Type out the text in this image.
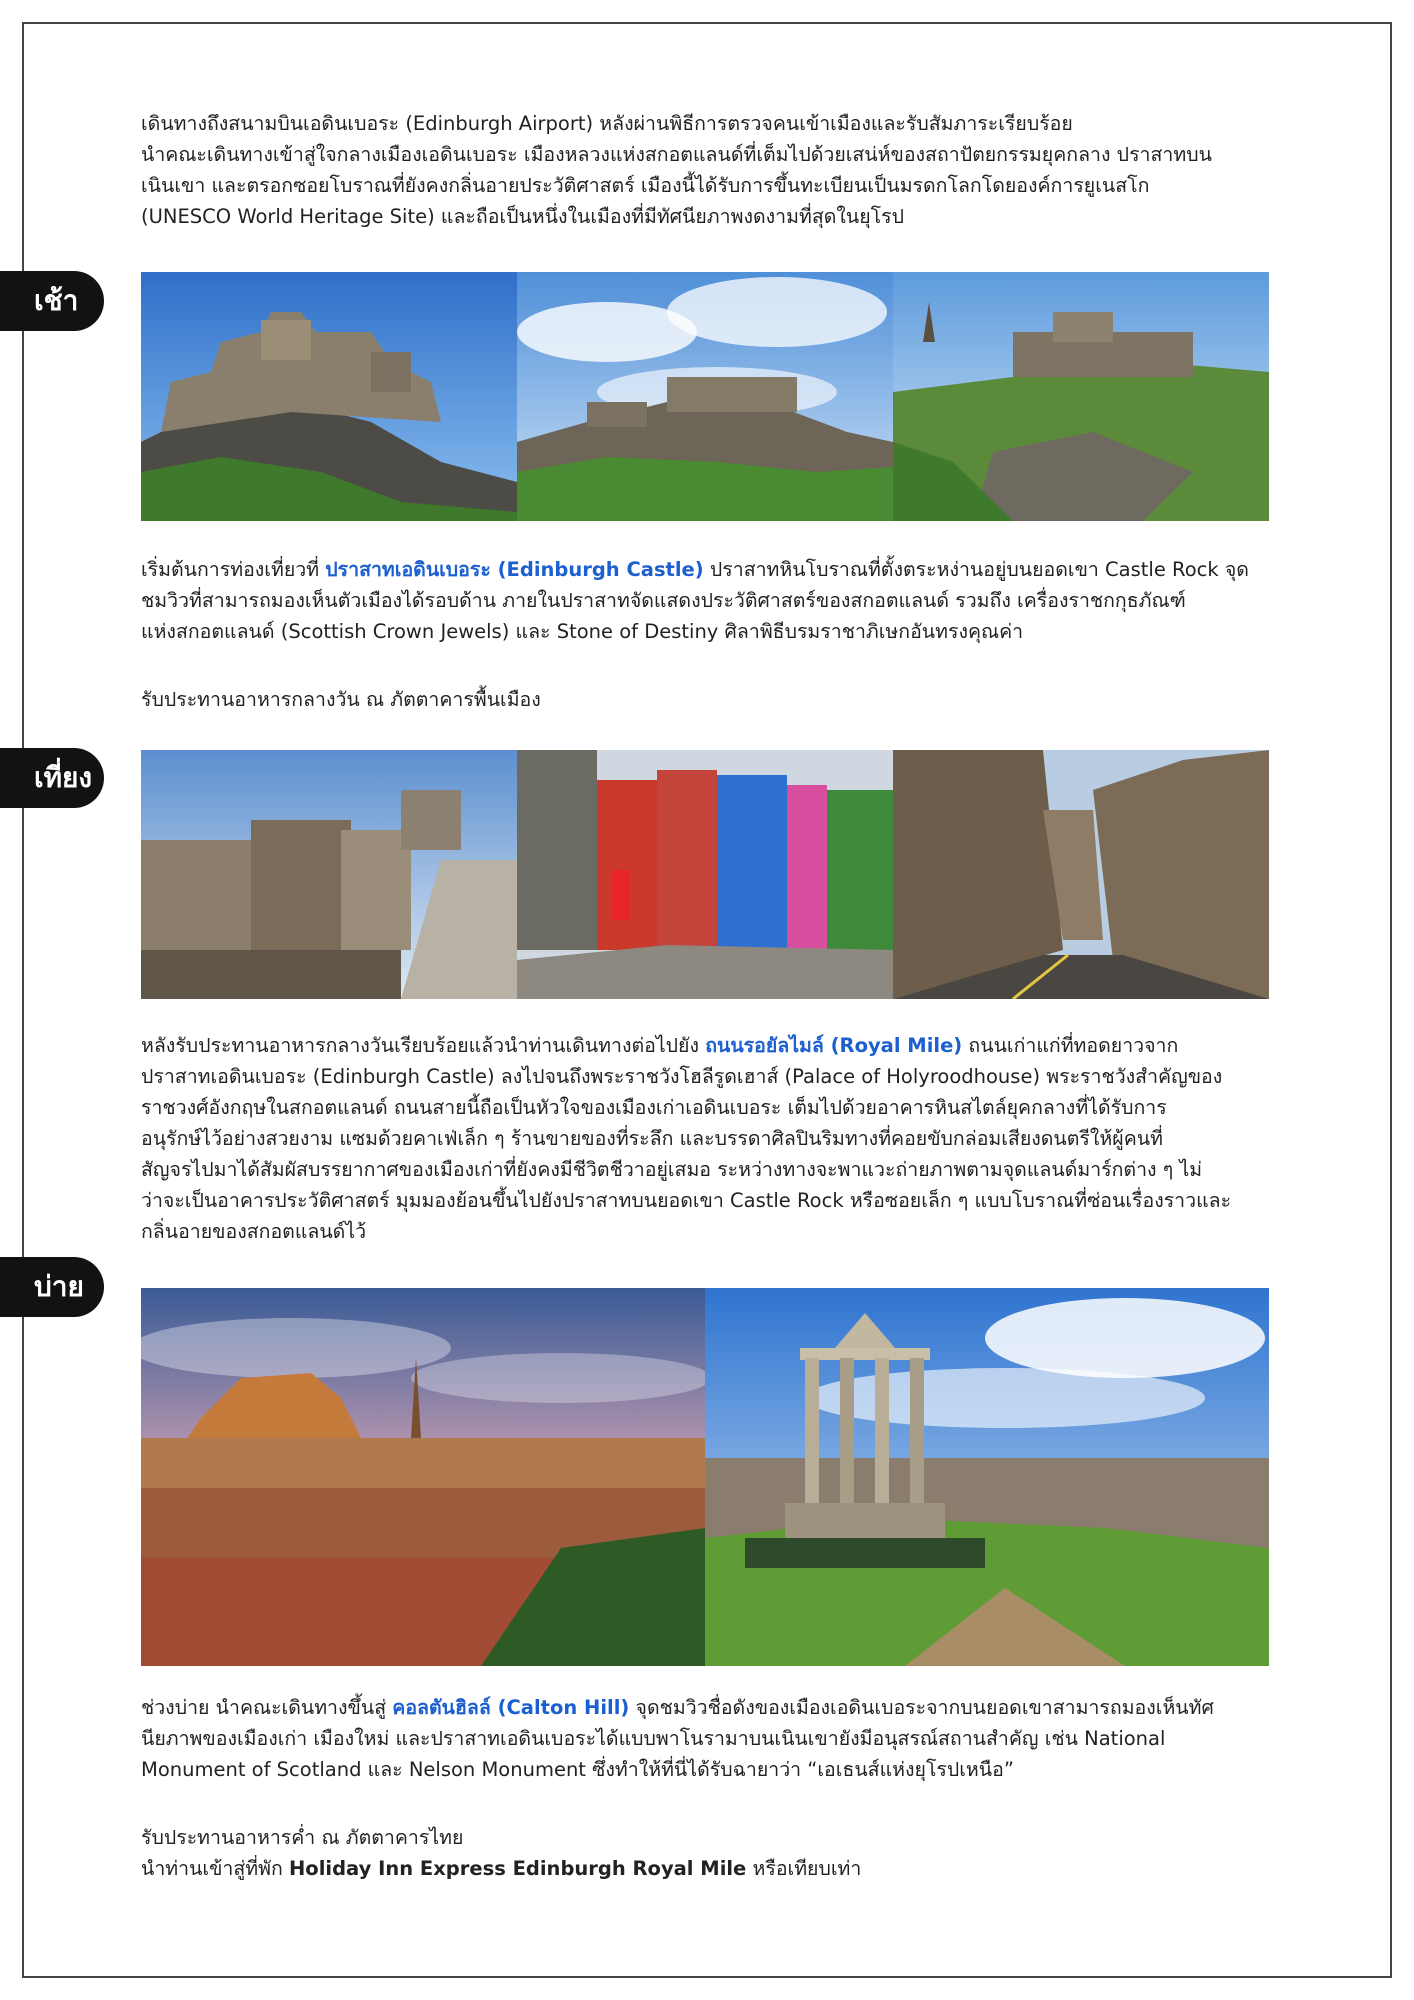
เดินทางถึงสนามบินเอดินเบอระ (Edinburgh Airport) หลังผ่านพิธีการตรวจคนเข้าเมืองและรับสัมภาระเรียบร้อย
นำคณะเดินทางเข้าสู่ใจกลางเมืองเอดินเบอระ เมืองหลวงแห่งสกอตแลนด์ที่เต็มไปด้วยเสน่ห์ของสถาปัตยกรรมยุคกลาง ปราสาทบน
เนินเขา และตรอกซอยโบราณที่ยังคงกลิ่นอายประวัติศาสตร์ เมืองนี้ได้รับการขึ้นทะเบียนเป็นมรดกโลกโดยองค์การยูเนสโก
(UNESCO World Heritage Site) และถือเป็นหนึ่งในเมืองที่มีทัศนียภาพงดงามที่สุดในยุโรป
เช้า
เริ่มต้นการท่องเที่ยวที่ ปราสาทเอดินเบอระ (Edinburgh Castle) ปราสาทหินโบราณที่ตั้งตระหง่านอยู่บนยอดเขา Castle Rock จุด
ชมวิวที่สามารถมองเห็นตัวเมืองได้รอบด้าน ภายในปราสาทจัดแสดงประวัติศาสตร์ของสกอตแลนด์ รวมถึง เครื่องราชกกุธภัณฑ์
แห่งสกอตแลนด์ (Scottish Crown Jewels) และ Stone of Destiny ศิลาพิธีบรมราชาภิเษกอันทรงคุณค่า
รับประทานอาหารกลางวัน ณ ภัตตาคารพื้นเมือง
เที่ยง
หลังรับประทานอาหารกลางวันเรียบร้อยแล้วนำท่านเดินทางต่อไปยัง ถนนรอยัลไมล์ (Royal Mile) ถนนเก่าแก่ที่ทอดยาวจาก
ปราสาทเอดินเบอระ (Edinburgh Castle) ลงไปจนถึงพระราชวังโฮลีรูดเฮาส์ (Palace of Holyroodhouse) พระราชวังสำคัญของ
ราชวงศ์อังกฤษในสกอตแลนด์ ถนนสายนี้ถือเป็นหัวใจของเมืองเก่าเอดินเบอระ เต็มไปด้วยอาคารหินสไตล์ยุคกลางที่ได้รับการ
อนุรักษ์ไว้อย่างสวยงาม แซมด้วยคาเฟ่เล็ก ๆ ร้านขายของที่ระลึก และบรรดาศิลปินริมทางที่คอยขับกล่อมเสียงดนตรีให้ผู้คนที่
สัญจรไปมาได้สัมผัสบรรยากาศของเมืองเก่าที่ยังคงมีชีวิตชีวาอยู่เสมอ ระหว่างทางจะพาแวะถ่ายภาพตามจุดแลนด์มาร์กต่าง ๆ ไม่
ว่าจะเป็นอาคารประวัติศาสตร์ มุมมองย้อนขึ้นไปยังปราสาทบนยอดเขา Castle Rock หรือซอยเล็ก ๆ แบบโบราณที่ซ่อนเรื่องราวและ
กลิ่นอายของสกอตแลนด์ไว้
บ่าย
ช่วงบ่าย นำคณะเดินทางขึ้นสู่ คอลตันฮิลล์ (Calton Hill) จุดชมวิวชื่อดังของเมืองเอดินเบอระจากบนยอดเขาสามารถมองเห็นทัศ
นียภาพของเมืองเก่า เมืองใหม่ และปราสาทเอดินเบอระได้แบบพาโนรามาบนเนินเขายังมีอนุสรณ์สถานสำคัญ เช่น National
Monument of Scotland และ Nelson Monument ซึ่งทำให้ที่นี่ได้รับฉายาว่า “เอเธนส์แห่งยุโรปเหนือ”
รับประทานอาหารค่ำ ณ ภัตตาคารไทย
นำท่านเข้าสู่ที่พัก Holiday Inn Express Edinburgh Royal Mile หรือเทียบเท่า
